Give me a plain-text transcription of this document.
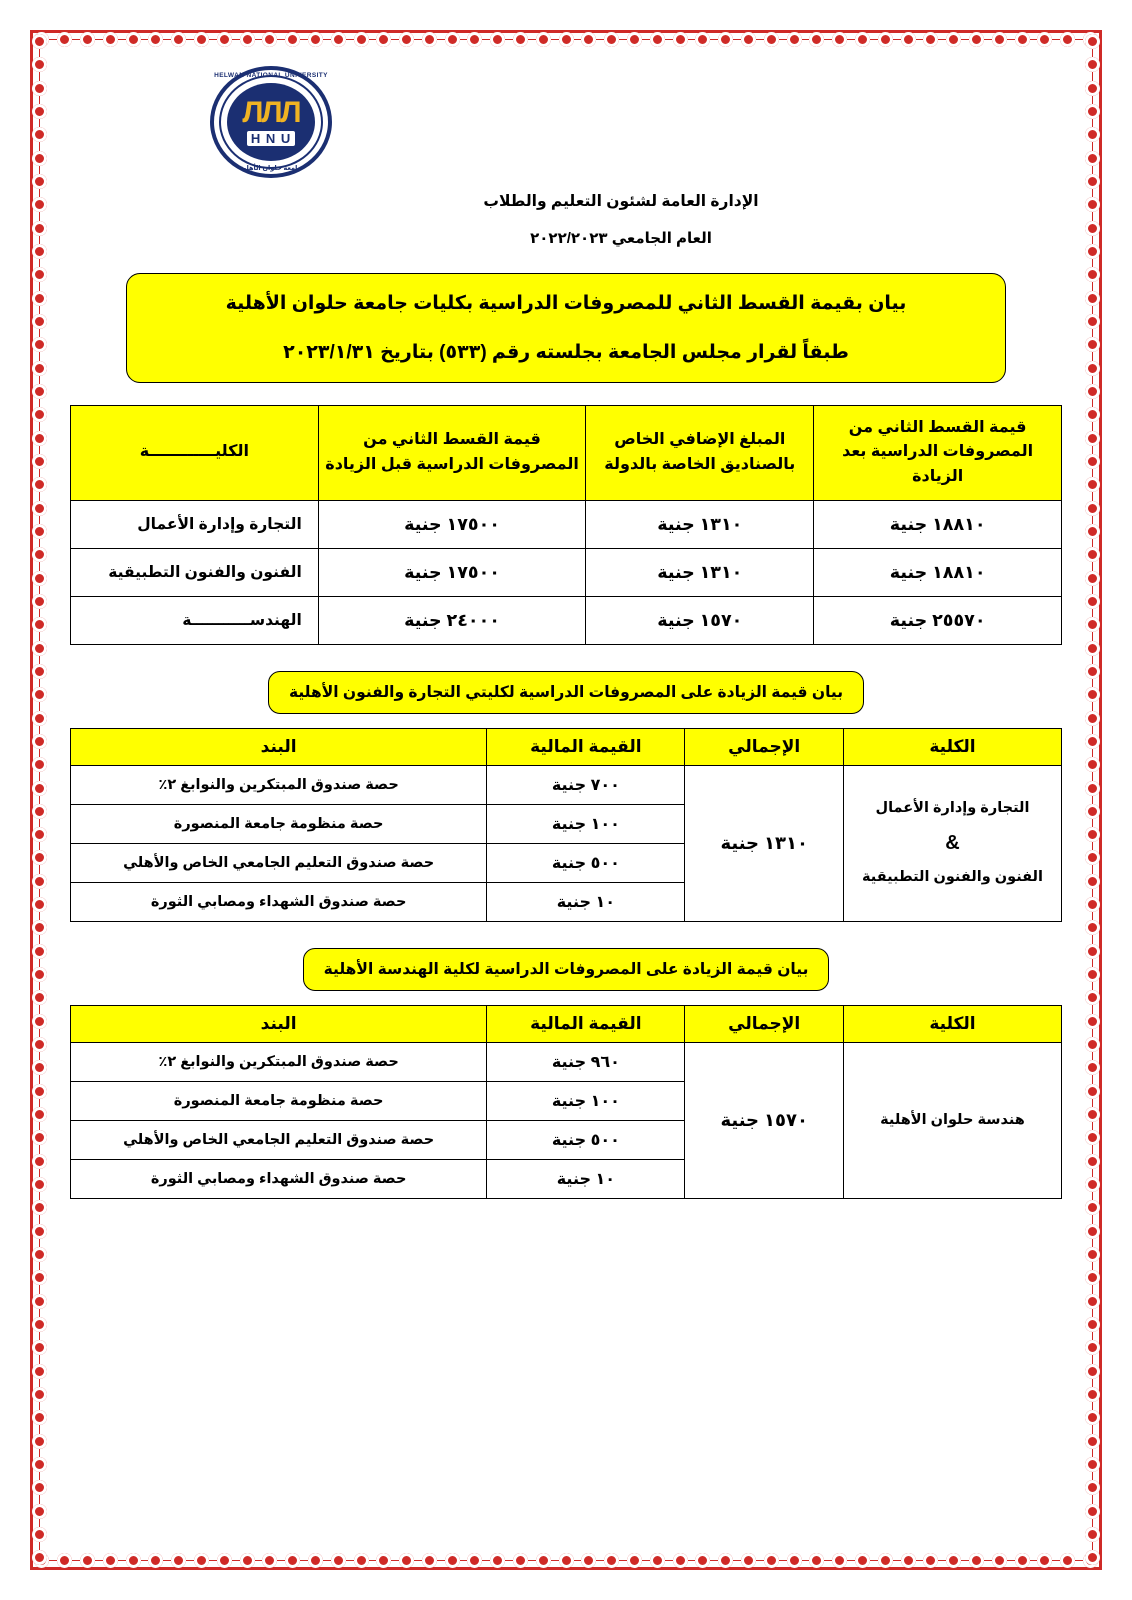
HELWAN NATIONAL UNIVERSITY
جامعة حلوان الأهلية
ЛЛЛ
H N U
الإدارة العامة لشئون التعليم والطلاب
العام الجامعي ٢٠٢٢/٢٠٢٣
بيان بقيمة القسط الثاني للمصروفات الدراسية بكليات جامعة حلوان الأهلية
طبقاً لقرار مجلس الجامعة بجلسته رقم (٥٣٣) بتاريخ ٢٠٢٣/١/٣١
قيمة القسط الثاني من
المصروفات الدراسية بعد الزيادة

المبلغ الإضافي الخاص
بالصناديق الخاصة بالدولة

قيمة القسط الثاني من
المصروفات الدراسية قبل الزيادة
	الكليــــــــــــة
١٨٨١٠ جنية	١٣١٠ جنية	١٧٥٠٠ جنية	التجارة وإدارة الأعمال
١٨٨١٠ جنية	١٣١٠ جنية	١٧٥٠٠ جنية	الفنون والفنون التطبيقية
٢٥٥٧٠ جنية	١٥٧٠ جنية	٢٤٠٠٠ جنية	الهندســـــــــــة
بيان قيمة الزيادة على المصروفات الدراسية لكليتي التجارة والفنون الأهلية
الكلية	الإجمالي	القيمة المالية	البند

التجارة وإدارة الأعمال
&
الفنون والفنون التطبيقية	١٣١٠ جنية	٧٠٠ جنية	حصة صندوق المبتكرين والنوابغ ٢٪
		١٠٠ جنية	حصة منظومة جامعة المنصورة
		٥٠٠ جنية	حصة صندوق التعليم الجامعي الخاص والأهلي
		١٠ جنية	حصة صندوق الشهداء ومصابي الثورة
بيان قيمة الزيادة على المصروفات الدراسية لكلية الهندسة الأهلية
الكلية	الإجمالي	القيمة المالية	البند

هندسة حلوان الأهلية	١٥٧٠ جنية	٩٦٠ جنية	حصة صندوق المبتكرين والنوابغ ٢٪
		١٠٠ جنية	حصة منظومة جامعة المنصورة
		٥٠٠ جنية	حصة صندوق التعليم الجامعي الخاص والأهلي
		١٠ جنية	حصة صندوق الشهداء ومصابي الثورة
